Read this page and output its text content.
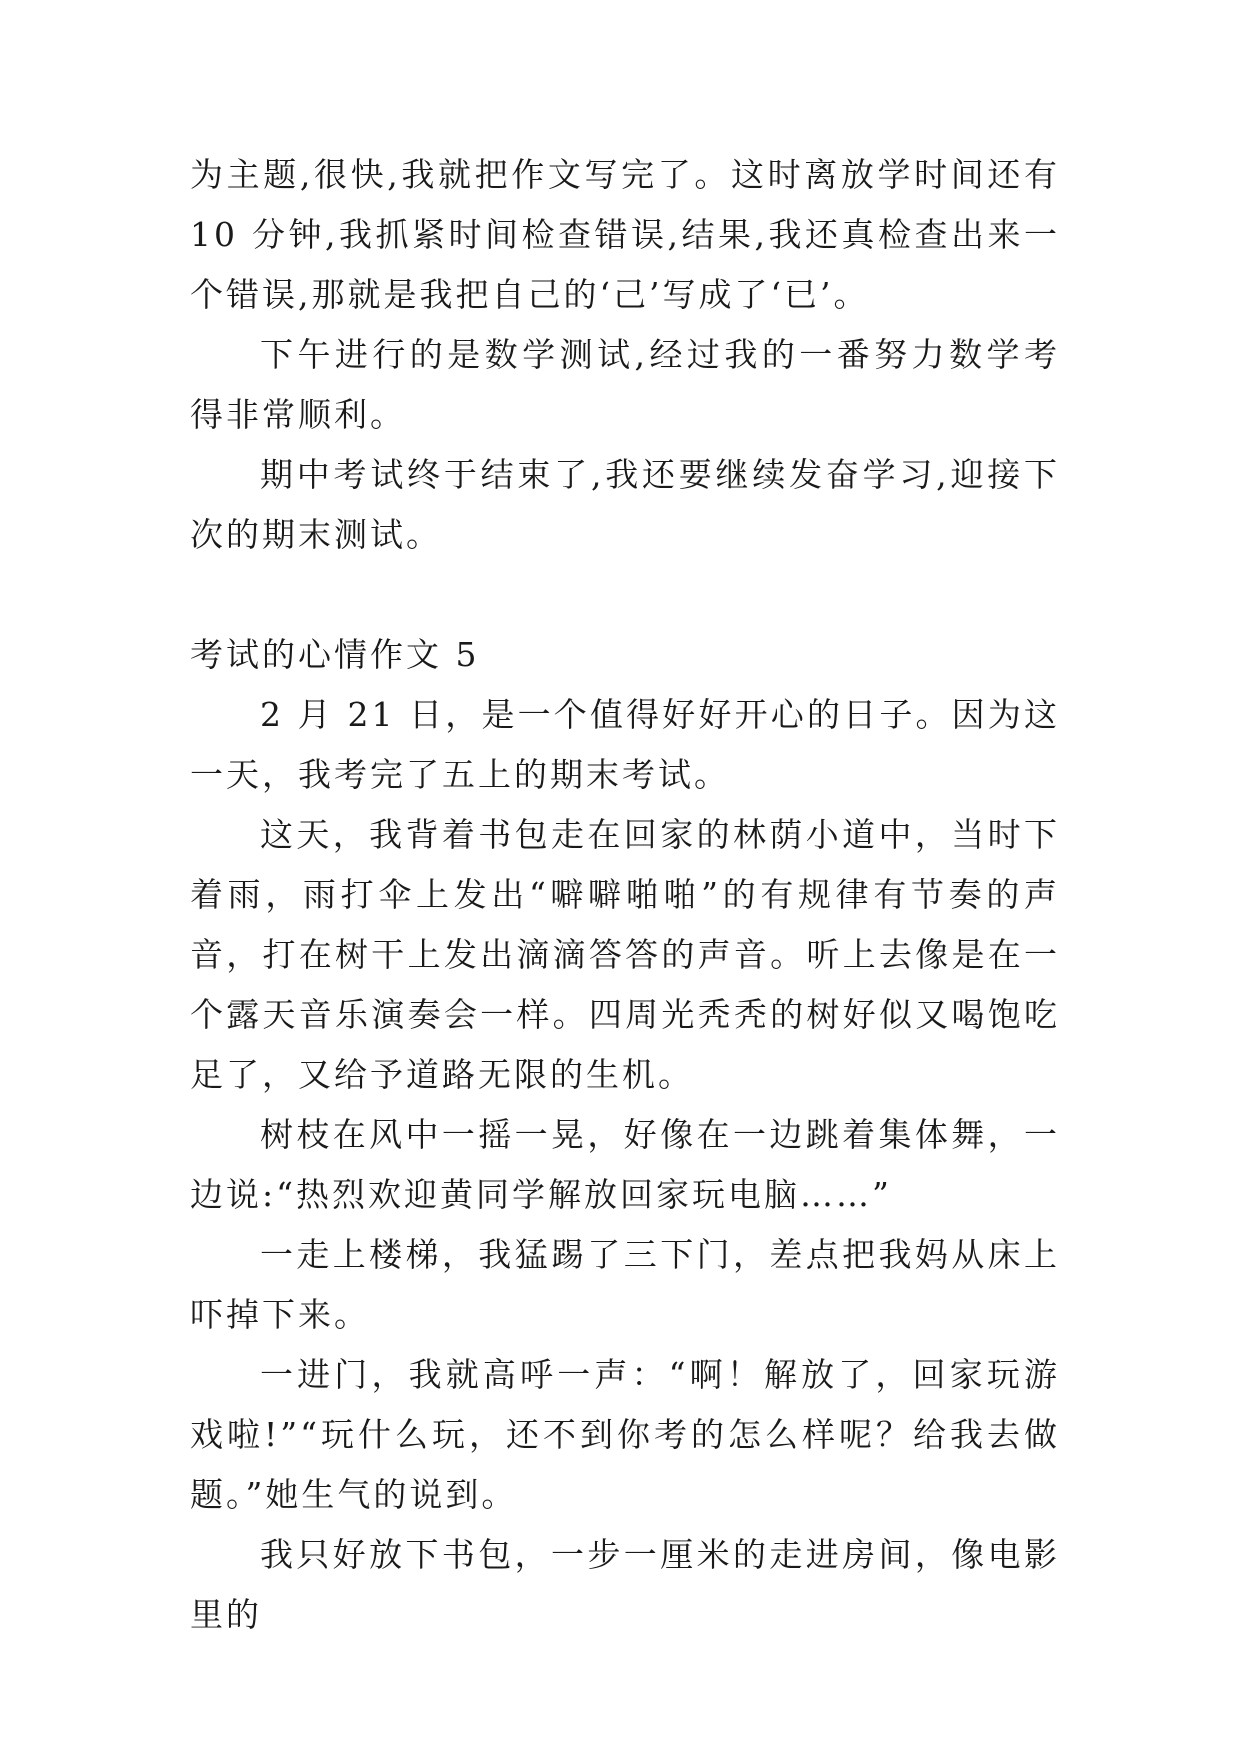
为主题,很快,我就把作文写完了。这时离放学时间还有 10 分钟,我抓紧时间检查错误,结果,我还真检查出来一个错误,那就是我把自己的‘己’写成了‘已’。

下午进行的是数学测试,经过我的一番努力数学考得非常顺利。

期中考试终于结束了,我还要继续发奋学习,迎接下次的期末测试。

考试的心情作文 5

2 月 21 日，是一个值得好好开心的日子。因为这一天，我考完了五上的期末考试。

这天，我背着书包走在回家的林荫小道中，当时下着雨，雨打伞上发出“噼噼啪啪”的有规律有节奏的声音，打在树干上发出滴滴答答的声音。听上去像是在一个露天音乐演奏会一样。四周光秃秃的树好似又喝饱吃足了，又给予道路无限的生机。

树枝在风中一摇一晃，好像在一边跳着集体舞，一边说:“热烈欢迎黄同学解放回家玩电脑……”

一走上楼梯，我猛踢了三下门，差点把我妈从床上吓掉下来。

一进门，我就高呼一声：“啊！解放了，回家玩游戏啦!”“玩什么玩，还不到你考的怎么样呢？给我去做题。”她生气的说到。

我只好放下书包，一步一厘米的走进房间，像电影里的
